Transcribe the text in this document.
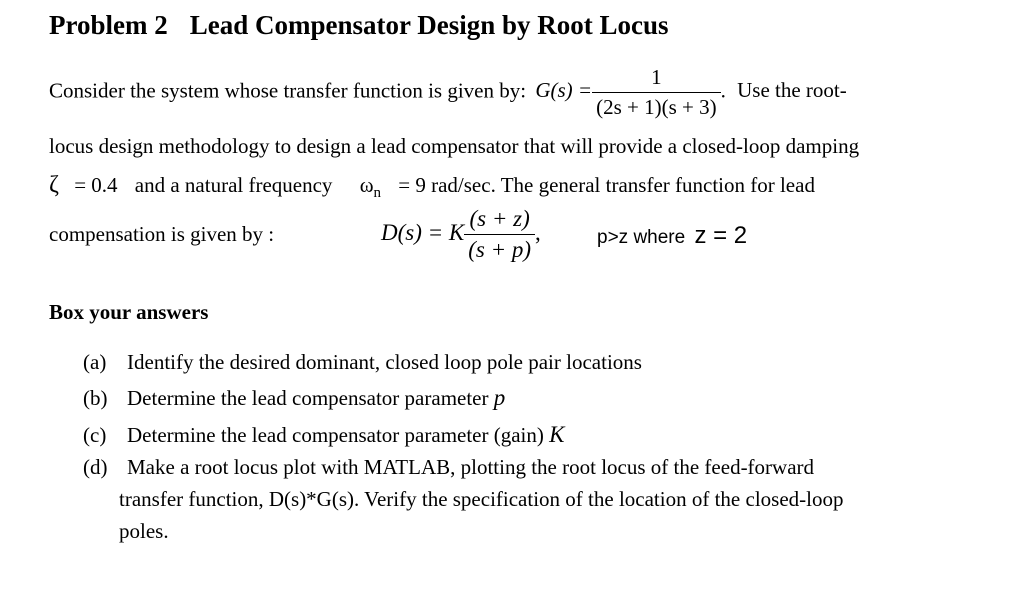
Problem 2 Lead Compensator Design by Root Locus
Consider the system whose transfer function is given by: $G(s) = \frac{1}{(2s + 1)(s + 3)}$ . Use the root-
locus design methodology to design a lead compensator that will provide a closed-loop damping
ζ = 0.4 and a natural frequency $\omega_n = 9$ rad/sec. The general transfer function for lead
compensation is given by :	D(s) = K $\frac{(s + z)}{(s + p)}$ ,	p>z where z = 2
Box your answers
(a) Identify the desired dominant, closed loop pole pair locations
(b) Determine the lead compensator parameter p
(c) Determine the lead compensator parameter (gain) K
(d) Make a root locus plot with MATLAB, plotting the root locus of the feed-forward
transfer function, D(s)*G(s). Verify the specification of the location of the closed-loop
poles.
